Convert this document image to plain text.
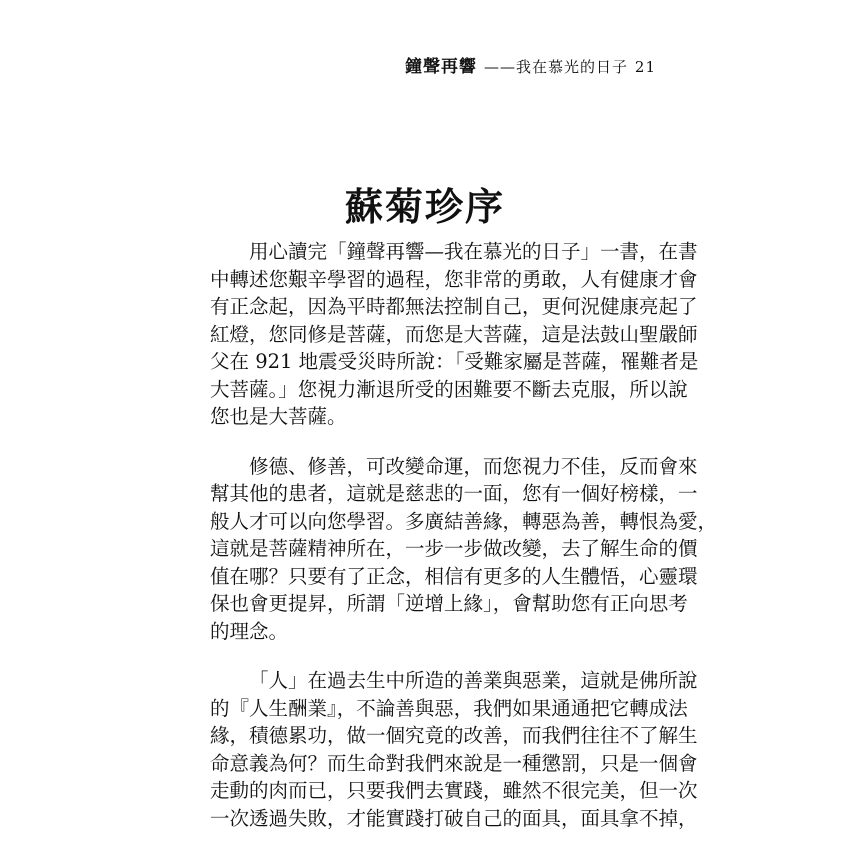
鐘聲再響 ——我在慕光的日子 21
蘇菊珍序
用心讀完「鐘聲再響—我在慕光的日子」一書，在書
中轉述您艱辛學習的過程，您非常的勇敢，人有健康才會
有正念起，因為平時都無法控制自己，更何況健康亮起了
紅燈，您同修是菩薩，而您是大菩薩，這是法鼓山聖嚴師
父在 921 地震受災時所說：「受難家屬是菩薩，罹難者是
大菩薩。」您視力漸退所受的困難要不斷去克服，所以說
您也是大菩薩。
修德、修善，可改變命運，而您視力不佳，反而會來
幫其他的患者，這就是慈悲的一面，您有一個好榜樣，一
般人才可以向您學習。多廣結善緣，轉惡為善，轉恨為愛，
這就是菩薩精神所在，一步一步做改變，去了解生命的價
值在哪？只要有了正念，相信有更多的人生體悟，心靈環
保也會更提昇，所謂「逆增上緣」，會幫助您有正向思考
的理念。
「人」在過去生中所造的善業與惡業，這就是佛所說
的『人生酬業』，不論善與惡，我們如果通通把它轉成法
緣，積德累功，做一個究竟的改善，而我們往往不了解生
命意義為何？而生命對我們來說是一種懲罰，只是一個會
走動的肉而已，只要我們去實踐，雖然不很完美，但一次
一次透過失敗，才能實踐打破自己的面具，面具拿不掉，
